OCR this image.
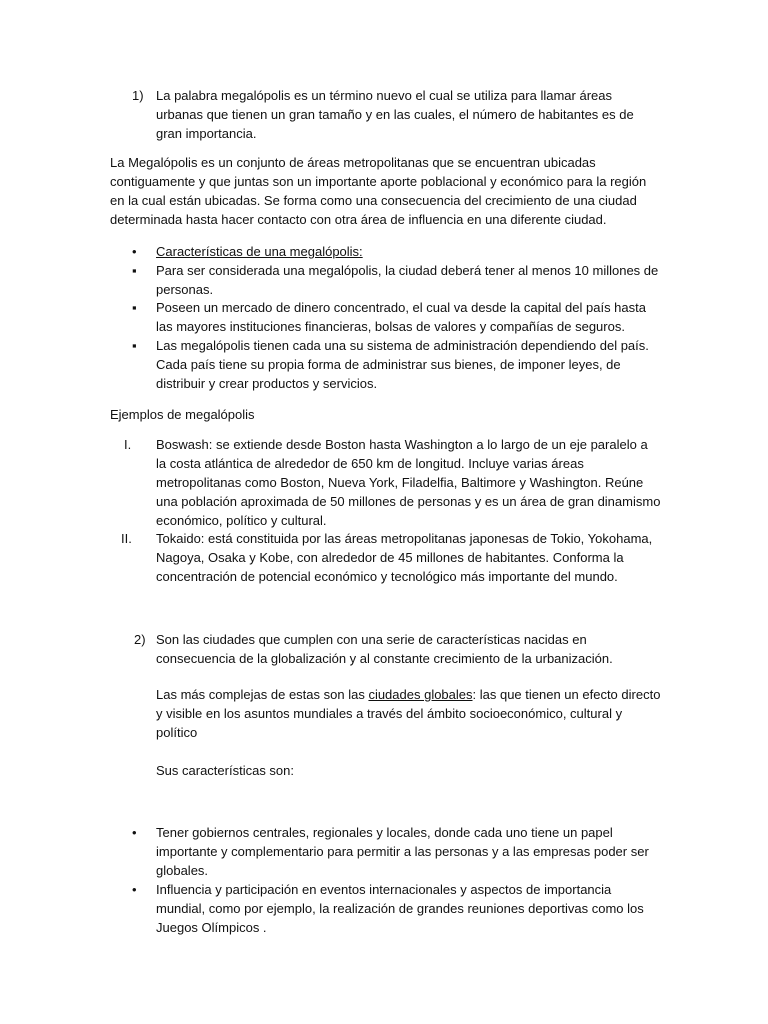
1) La palabra megalópolis es un término nuevo el cual se utiliza para llamar áreas urbanas que tienen un gran tamaño y en las cuales, el número de habitantes es de gran importancia.

La Megalópolis es un conjunto de áreas metropolitanas que se encuentran ubicadas contiguamente y que juntas son un importante aporte poblacional y económico para la región en la cual están ubicadas. Se forma como una consecuencia del crecimiento de una ciudad determinada hasta hacer contacto con otra área de influencia en una diferente ciudad.

• Características de una megalópolis:

▪ Para ser considerada una megalópolis, la ciudad deberá tener al menos 10 millones de personas.

▪ Poseen un mercado de dinero concentrado, el cual va desde la capital del país hasta las mayores instituciones financieras, bolsas de valores y compañías de seguros.

▪ Las megalópolis tienen cada una su sistema de administración dependiendo del país. Cada país tiene su propia forma de administrar sus bienes, de imponer leyes, de distribuir y crear productos y servicios.

Ejemplos de megalópolis

I. Boswash: se extiende desde Boston hasta Washington a lo largo de un eje paralelo a la costa atlántica de alrededor de 650 km de longitud. Incluye varias áreas metropolitanas como Boston, Nueva York, Filadelfia, Baltimore y Washington. Reúne una población aproximada de 50 millones de personas y es un área de gran dinamismo económico, político y cultural.

II. Tokaido: está constituida por las áreas metropolitanas japonesas de Tokio, Yokohama, Nagoya, Osaka y Kobe, con alrededor de 45 millones de habitantes. Conforma la concentración de potencial económico y tecnológico más importante del mundo.

2) Son las ciudades que cumplen con una serie de características nacidas en consecuencia de la globalización y al constante crecimiento de la urbanización.

Las más complejas de estas son las ciudades globales: las que tienen un efecto directo y visible en los asuntos mundiales a través del ámbito socioeconómico, cultural y político

Sus características son:

• Tener gobiernos centrales, regionales y locales, donde cada uno tiene un papel importante y complementario para permitir a las personas y a las empresas poder ser globales.

• Influencia y participación en eventos internacionales y aspectos de importancia mundial, como por ejemplo, la realización de grandes reuniones deportivas como los Juegos Olímpicos .
